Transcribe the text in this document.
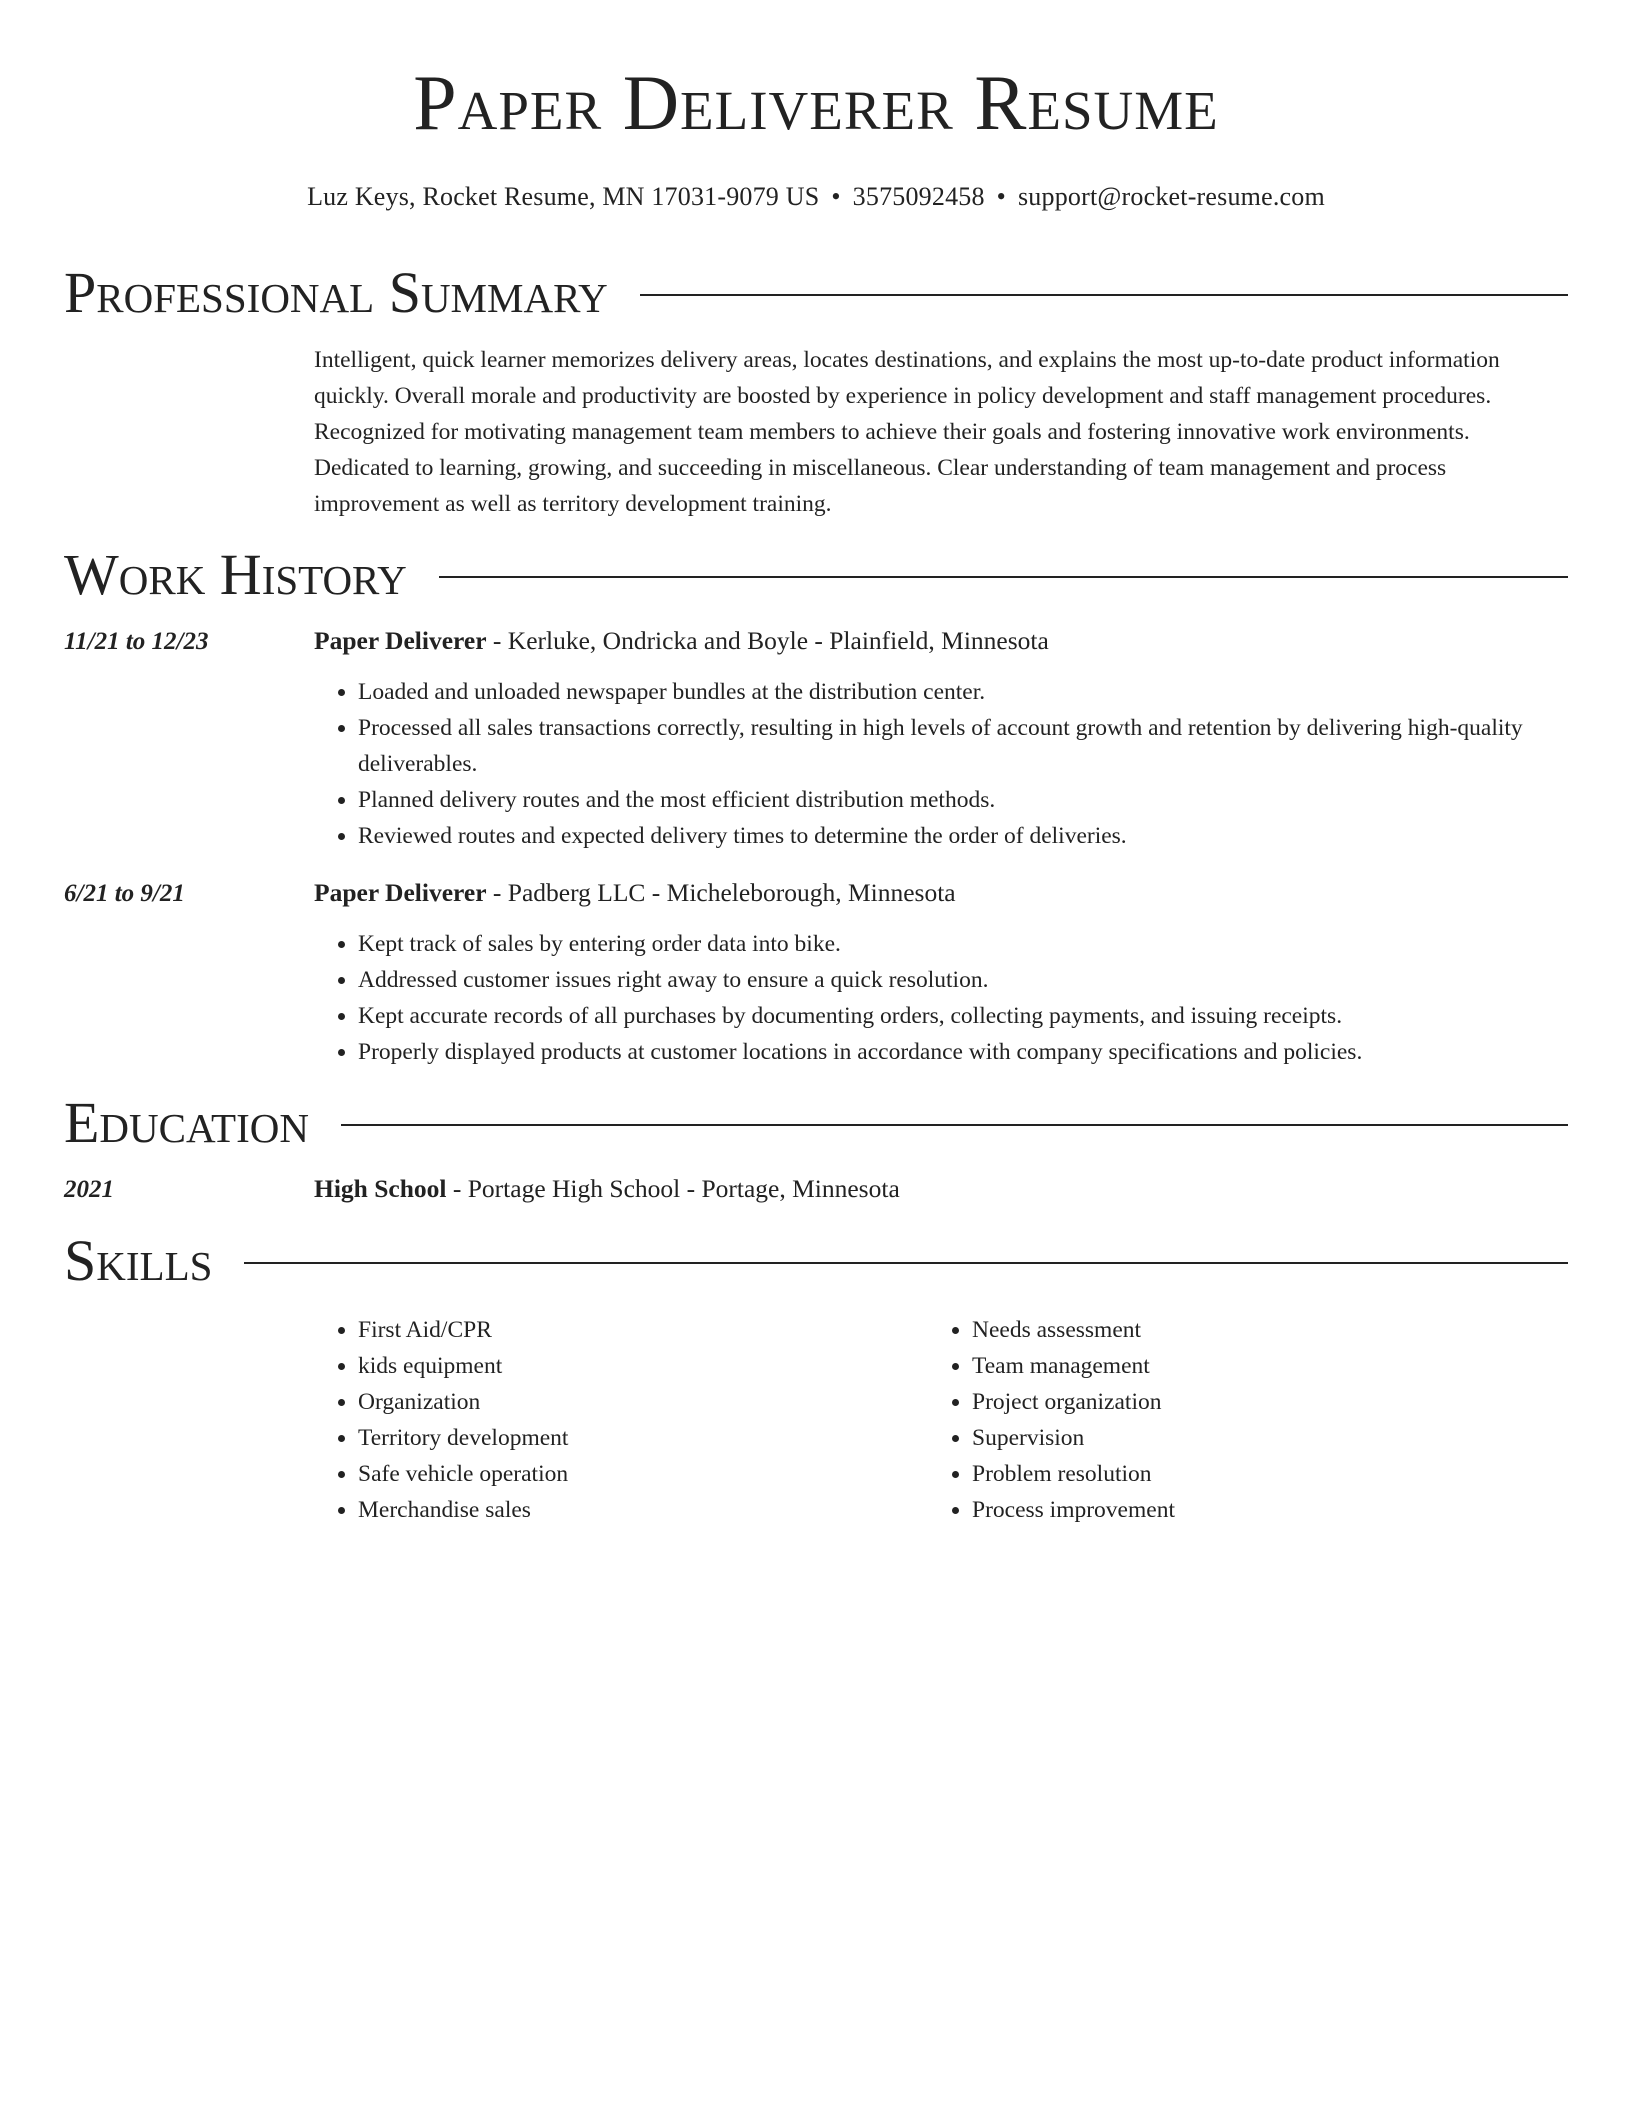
Paper Deliverer Resume
Luz Keys, Rocket Resume, MN 17031-9079 US • 3575092458 • support@rocket-resume.com
Professional Summary
Intelligent, quick learner memorizes delivery areas, locates destinations, and explains the most up-to-date product information quickly. Overall morale and productivity are boosted by experience in policy development and staff management procedures. Recognized for motivating management team members to achieve their goals and fostering innovative work environments. Dedicated to learning, growing, and succeeding in miscellaneous. Clear understanding of team management and process improvement as well as territory development training.
Work History
11/21 to 12/23	Paper Deliverer - Kerluke, Ondricka and Boyle - Plainfield, Minnesota
• Loaded and unloaded newspaper bundles at the distribution center.
• Processed all sales transactions correctly, resulting in high levels of account growth and retention by delivering high-quality deliverables.
• Planned delivery routes and the most efficient distribution methods.
• Reviewed routes and expected delivery times to determine the order of deliveries.
6/21 to 9/21	Paper Deliverer - Padberg LLC - Micheleborough, Minnesota
• Kept track of sales by entering order data into bike.
• Addressed customer issues right away to ensure a quick resolution.
• Kept accurate records of all purchases by documenting orders, collecting payments, and issuing receipts.
• Properly displayed products at customer locations in accordance with company specifications and policies.
Education
2021	High School - Portage High School - Portage, Minnesota
Skills
• First Aid/CPR
• kids equipment
• Organization
• Territory development
• Safe vehicle operation
• Merchandise sales
• Needs assessment
• Team management
• Project organization
• Supervision
• Problem resolution
• Process improvement
